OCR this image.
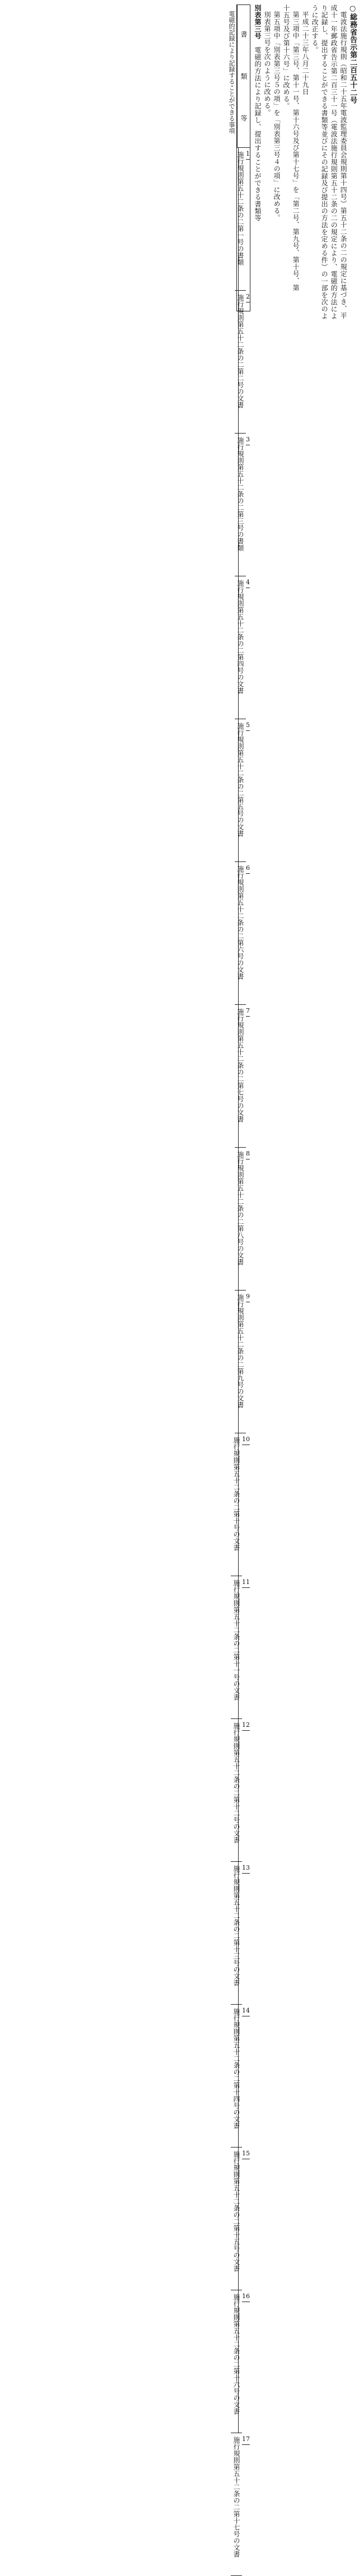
○総務省告示第二百五十二号
電波法施行規則（昭和二十五年電波監理委員会規則第十四号）第五十二条の二の規定に基づき、平
成十一年郵政省告示第二百三十一号（電波法施行規則第五十二条の二の規定により、電磁的方法によ
り記録し、提出することができる書類等並びにその記録及び提出の方法を定める件）の一部を次のよ
うに改正する。
平成二十三年八月二十九日

第三項中「第三号、第十一号、第十六号及び第十七号」を「第二号、第九号、第十号、第
十五号及び第十六号」に改める。
第五項中「別表第三号５の項」を「別表第三号４の項」に改める。
別表第三号を次のように改める。
別表第三号　電磁的方法により記録し、提出することができる書類等
書
類
等
電磁的記録により記録することができる事項
1
施行規則第五十二条の二第一号の書類
2
施行規則第五十二条の二第二号の文書
3
施行規則第五十二条の二第三号の書類
4
施行規則第五十二条の二第四号の文書
5
施行規則第五十二条の二第五号の文書
6
施行規則第五十二条の二第六号の文書
7
施行規則第五十二条の二第七号の文書
8
施行規則第五十二条の二第八号の文書
9
施行規則第五十二条の二第九号の文書
10
施行規則第五十二条の二第十号の文書
11
施行規則第五十二条の二第十一号の文書
12
施行規則第五十二条の二第十二号の文書
13
施行規則第五十二条の二第十三号の文書
14
施行規則第五十二条の二第十四号の文書
15
施行規則第五十二条の二第十五号の文書
16
施行規則第五十二条の二第十六号の文書
17
施行規則第五十二条の二第十七号の文書
